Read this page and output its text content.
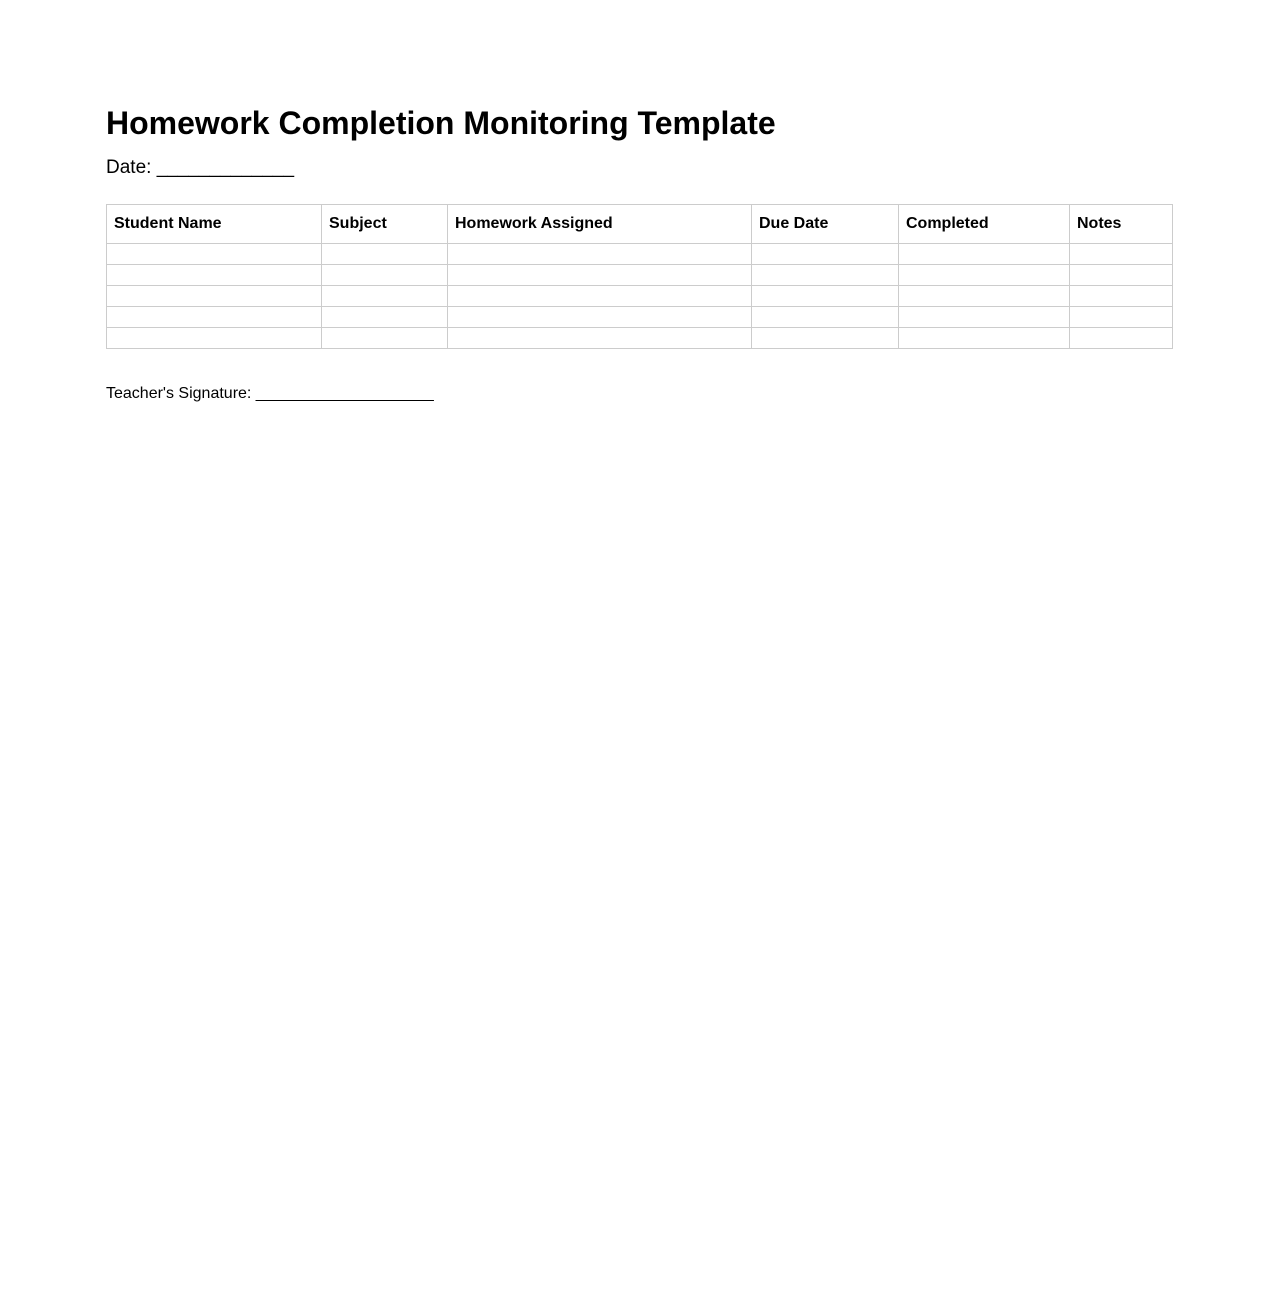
Homework Completion Monitoring Template

Date: _____________

Student Name	Subject	Homework Assigned	Due Date	Completed	Notes

Teacher's Signature: ____________________
